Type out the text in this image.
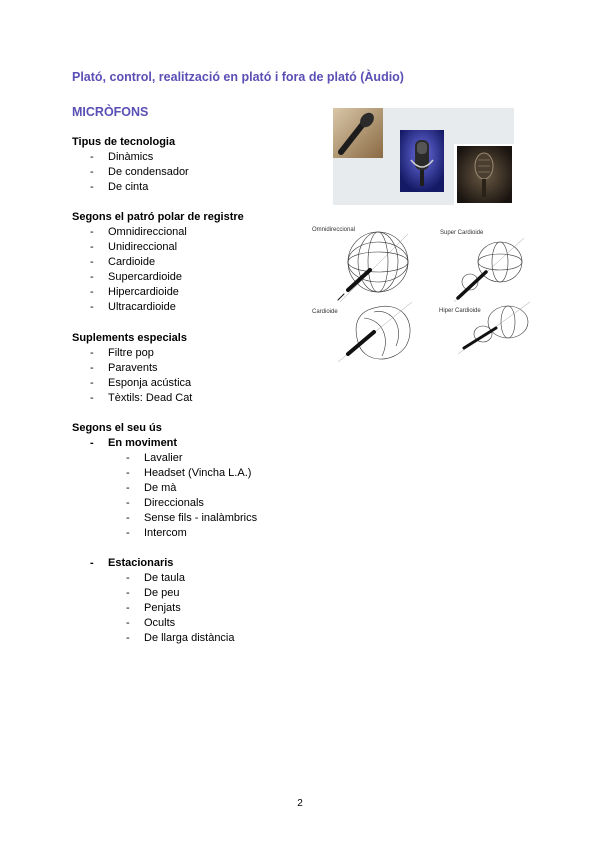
Plató, control, realització en plató i fora de plató (Àudio)
MICRÒFONS
Tipus de tecnologia
- Dinàmics
- De condensador
- De cinta
Segons el patró polar de registre
- Omnidireccional
- Unidireccional
- Cardioide
- Supercardioide
- Hipercardioide
- Ultracardioide
Suplements especials
- Filtre pop
- Paravents
- Esponja acústica
- Tèxtils: Dead Cat
Segons el seu ús
- En moviment
- Lavalier
- Headset (Vincha L.A.)
- De mà
- Direccionals
- Sense fils - inalàmbrics
- Intercom
- Estacionaris
- De taula
- De peu
- Penjats
- Ocults
- De llarga distància
Omnidireccional	Super Cardioide
Cardioide	Hiper Cardioide
2
